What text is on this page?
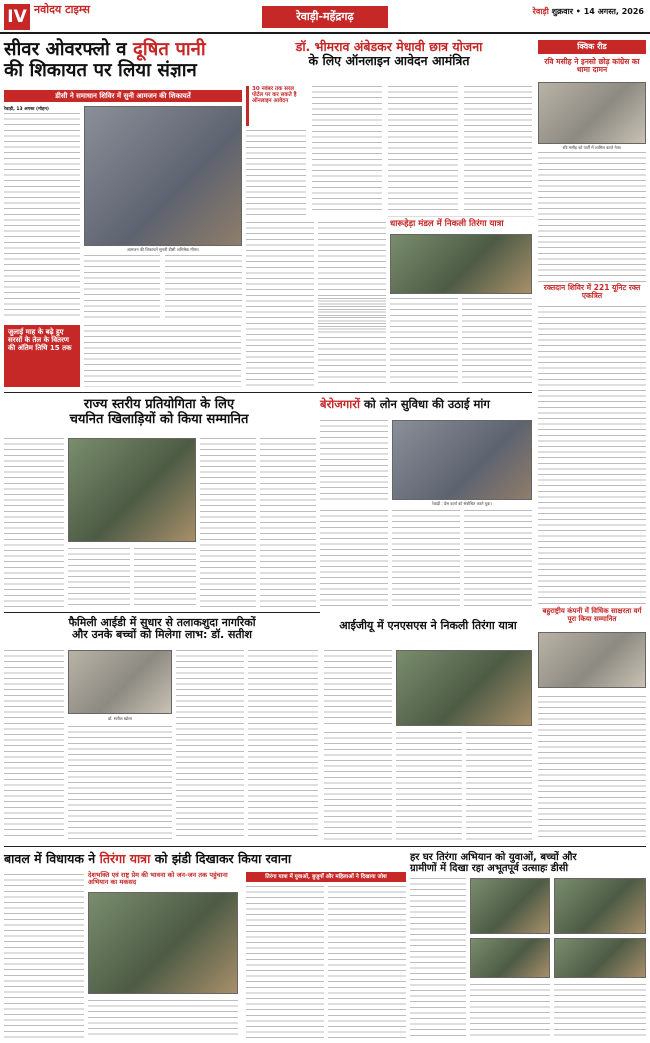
IV नवोदय टाइम्स
रेवाड़ी-महेंद्रगढ़	रेवाड़ी शुक्रवार • 14 अगस्त, 2026
सीवर ओवरफ्लो व दूषित पानी
की शिकायत पर लिया संज्ञान
डीसी ने समाधान शिविर में सुनी आमजन की शिकायतें
रेवाड़ी, 13 अगस्त (मोहन)
जुलाई माह के बढ़े हुए सरसों के तेल के वितरण की अंतिम तिथि 15 तक
आमजन की शिकायतें सुनतीं डीसी अभिषेक मीणा।
डॉ. भीमराव अंबेडकर मेधावी छात्र योजना
के लिए ऑनलाइन आवेदन आमंत्रित
30 नवंबर तक सरल पोर्टल पर कर सकते है ऑनलाइन आवेदन
क्विक रीड
रवि मसीह ने इनसो छोड़ कांग्रेस का थामा दामन
रवि मसीह को पार्टी में शामिल करते नेता।
रक्तदान शिविर में 221 यूनिट रक्त एकत्रित
बहुराष्ट्रीय कंपनी में विधिक साक्षरता वर्ग पूरा किया सम्मानित
धारूहेड़ा मंडल में निकली तिरंगा यात्रा
राज्य स्तरीय प्रतियोगिता के लिए
चयनित खिलाड़ियों को किया सम्मानित
बेरोजगारों को लोन सुविधा की उठाई मांग
रेवाड़ी : प्रेस वार्ता को संबोधित करते युवा।
फैमिली आईडी में सुधार से तलाकशुदा नागरिकों
और उनके बच्चों को मिलेगा लाभ: डॉ. सतीश
डॉ. सतीश खोला
आईजीयू में एनएसएस ने निकली तिरंगा यात्रा
बावल में विधायक ने तिरंगा यात्रा को झंडी दिखाकर किया रवाना
देशभक्ति एवं राष्ट्र प्रेम की भावना को जन-जन तक पहुंचाना अभियान का मकसद
तिरंगा यात्रा में युवाओं, बुजुर्गों और महिलाओं ने दिखाया जोश
हर घर तिरंगा अभियान को युवाओं, बच्चों और
ग्रामीणों में दिखा रहा अभूतपूर्व उत्साहः डीसी
